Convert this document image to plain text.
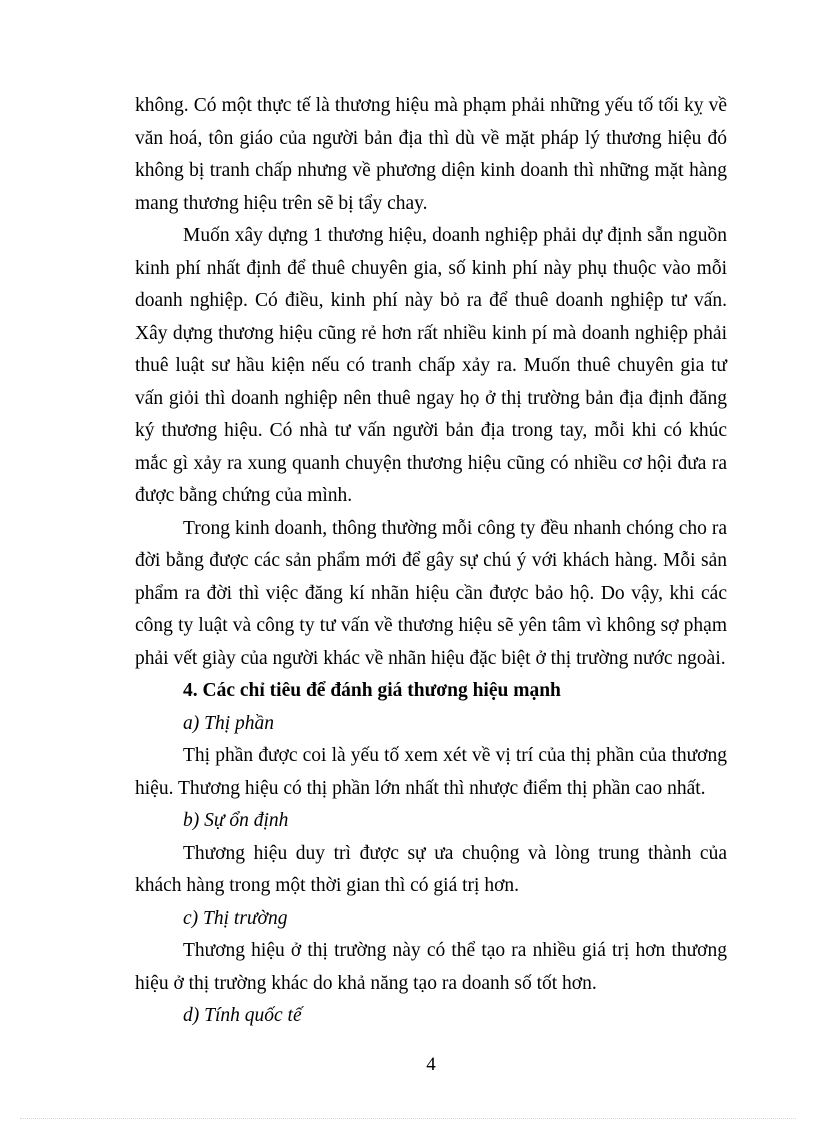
không. Có một thực tế là thương hiệu mà phạm phải những yếu tố tối kỵ về văn hoá, tôn giáo của người bản địa thì dù về mặt pháp lý thương hiệu đó không bị tranh chấp nhưng về phương diện kinh doanh thì những mặt hàng mang thương hiệu trên sẽ bị tẩy chay.

Muốn xây dựng 1 thương hiệu, doanh nghiệp phải dự định sẵn nguồn kinh phí nhất định để thuê chuyên gia, số kinh phí này phụ thuộc vào mỗi doanh nghiệp. Có điều, kinh phí này bỏ ra để thuê doanh nghiệp tư vấn. Xây dựng thương hiệu cũng rẻ hơn rất nhiều kinh pí mà doanh nghiệp phải thuê luật sư hầu kiện nếu có tranh chấp xảy ra. Muốn thuê chuyên gia tư vấn giỏi thì doanh nghiệp nên thuê ngay họ ở thị trường bản địa định đăng ký thương hiệu. Có nhà tư vấn người bản địa trong tay, mỗi khi có khúc mắc gì xảy ra xung quanh chuyện thương hiệu cũng có nhiều cơ hội đưa ra được bằng chứng của mình.

Trong kinh doanh, thông thường mỗi công ty đều nhanh chóng cho ra đời bằng được các sản phẩm mới để gây sự chú ý với khách hàng. Mỗi sản phẩm ra đời thì việc đăng kí nhãn hiệu cần được bảo hộ. Do vậy, khi các công ty luật và công ty tư vấn về thương hiệu sẽ yên tâm vì không sợ phạm phải vết giày của người khác về nhãn hiệu đặc biệt ở thị trường nước ngoài.

4. Các chỉ tiêu để đánh giá thương hiệu mạnh

a) Thị phần

Thị phần được coi là yếu tố xem xét về vị trí của thị phần của thương hiệu. Thương hiệu có thị phần lớn nhất thì nhược điểm thị phần cao nhất.

b) Sự ổn định

Thương hiệu duy trì được sự ưa chuộng và lòng trung thành của khách hàng trong một thời gian thì có giá trị hơn.

c) Thị trường

Thương hiệu ở thị trường này có thể tạo ra nhiều giá trị hơn thương hiệu ở thị trường khác do khả năng tạo ra doanh số tốt hơn.

d) Tính quốc tế

4
